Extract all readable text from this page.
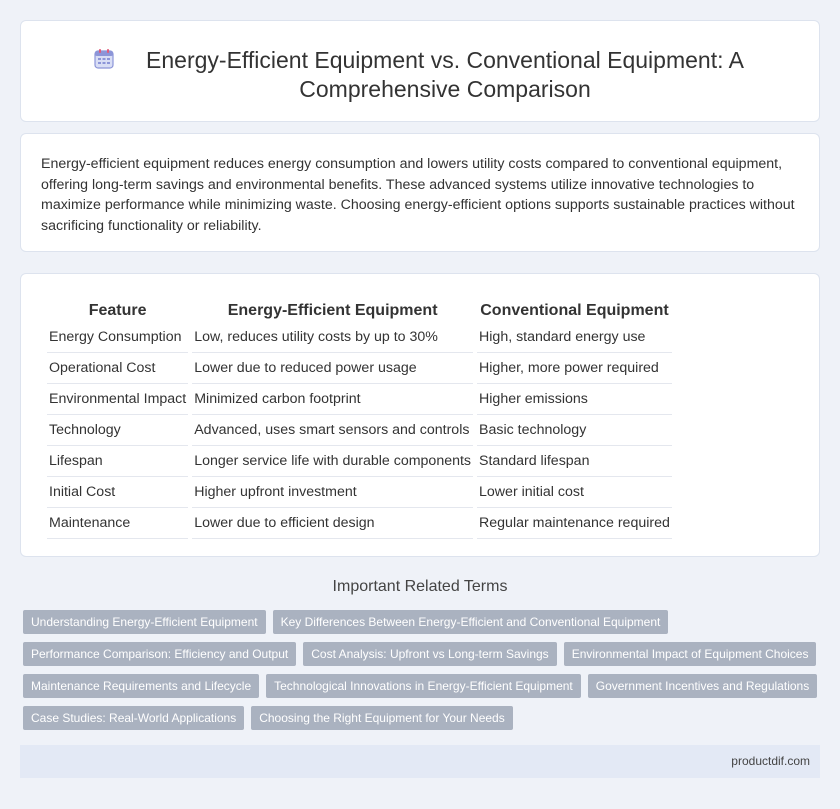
Energy-Efficient Equipment vs. Conventional Equipment: A Comprehensive Comparison

Energy-efficient equipment reduces energy consumption and lowers utility costs compared to conventional equipment, offering long-term savings and environmental benefits. These advanced systems utilize innovative technologies to maximize performance while minimizing waste. Choosing energy-efficient options supports sustainable practices without sacrificing functionality or reliability.

Feature	Energy-Efficient Equipment	Conventional Equipment
Energy Consumption	Low, reduces utility costs by up to 30%	High, standard energy use
Operational Cost	Lower due to reduced power usage	Higher, more power required
Environmental Impact	Minimized carbon footprint	Higher emissions
Technology	Advanced, uses smart sensors and controls	Basic technology
Lifespan	Longer service life with durable components	Standard lifespan
Initial Cost	Higher upfront investment	Lower initial cost
Maintenance	Lower due to efficient design	Regular maintenance required
Important Related Terms
Understanding Energy-Efficient Equipment	Key Differences Between Energy-Efficient and Conventional Equipment
Performance Comparison: Efficiency and Output	Cost Analysis: Upfront vs Long-term Savings	Environmental Impact of Equipment Choices
Maintenance Requirements and Lifecycle	Technological Innovations in Energy-Efficient Equipment	Government Incentives and Regulations
Case Studies: Real-World Applications	Choosing the Right Equipment for Your Needs
productdif.com
